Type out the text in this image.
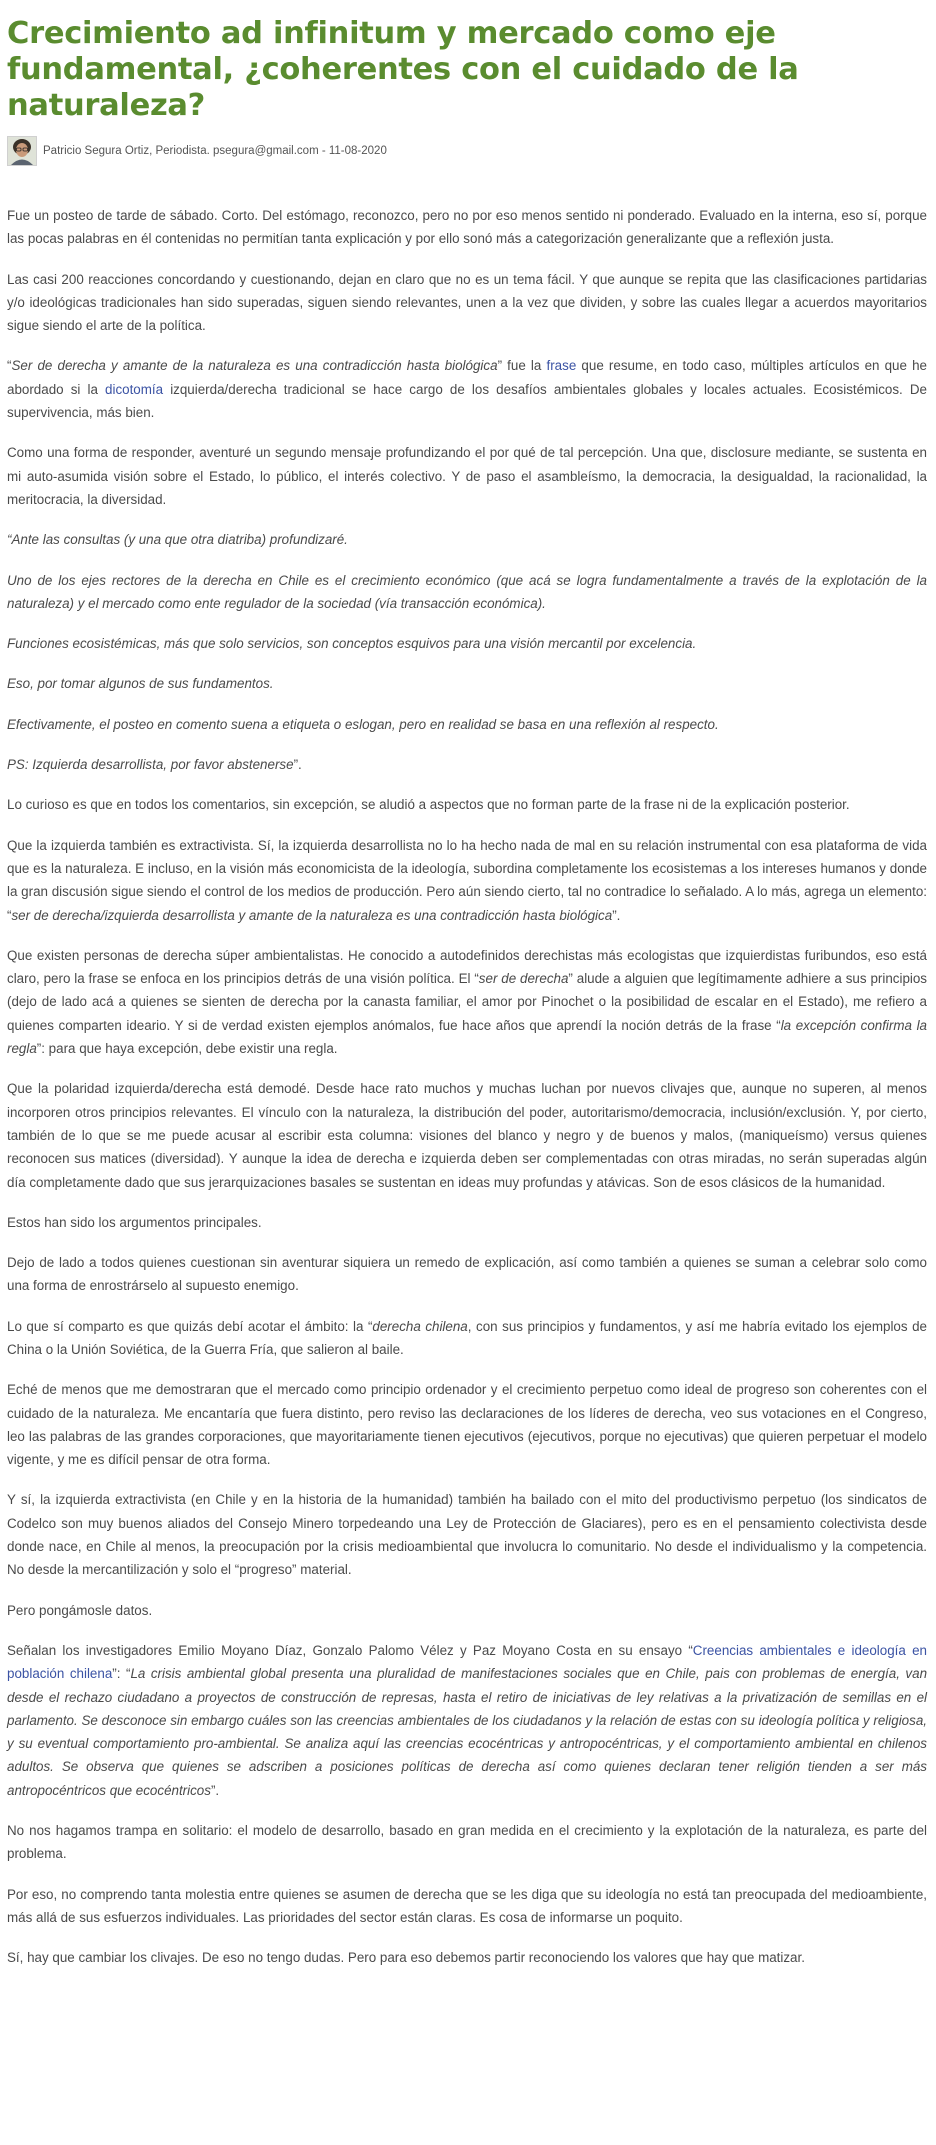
Crecimiento ad infinitum y mercado como eje fundamental, ¿coherentes con el cuidado de la naturaleza?
Patricio Segura Ortiz, Periodista. psegura@gmail.com - 11-08-2020

Fue un posteo de tarde de sábado. Corto. Del estómago, reconozco, pero no por eso menos sentido ni ponderado. Evaluado en la interna, eso sí, porque las pocas palabras en él contenidas no permitían tanta explicación y por ello sonó más a categorización generalizante que a reflexión justa.

Las casi 200 reacciones concordando y cuestionando, dejan en claro que no es un tema fácil. Y que aunque se repita que las clasificaciones partidarias y/o ideológicas tradicionales han sido superadas, siguen siendo relevantes, unen a la vez que dividen, y sobre las cuales llegar a acuerdos mayoritarios sigue siendo el arte de la política.

“Ser de derecha y amante de la naturaleza es una contradicción hasta biológica” fue la frase que resume, en todo caso, múltiples artículos en que he abordado si la dicotomía izquierda/derecha tradicional se hace cargo de los desafíos ambientales globales y locales actuales. Ecosistémicos. De supervivencia, más bien.

Como una forma de responder, aventuré un segundo mensaje profundizando el por qué de tal percepción. Una que, disclosure mediante, se sustenta en mi auto-asumida visión sobre el Estado, lo público, el interés colectivo. Y de paso el asambleísmo, la democracia, la desigualdad, la racionalidad, la meritocracia, la diversidad.

“Ante las consultas (y una que otra diatriba) profundizaré.

Uno de los ejes rectores de la derecha en Chile es el crecimiento económico (que acá se logra fundamentalmente a través de la explotación de la naturaleza) y el mercado como ente regulador de la sociedad (vía transacción económica).

Funciones ecosistémicas, más que solo servicios, son conceptos esquivos para una visión mercantil por excelencia.

Eso, por tomar algunos de sus fundamentos.

Efectivamente, el posteo en comento suena a etiqueta o eslogan, pero en realidad se basa en una reflexión al respecto.

PS: Izquierda desarrollista, por favor abstenerse”.

Lo curioso es que en todos los comentarios, sin excepción, se aludió a aspectos que no forman parte de la frase ni de la explicación posterior.

Que la izquierda también es extractivista. Sí, la izquierda desarrollista no lo ha hecho nada de mal en su relación instrumental con esa plataforma de vida que es la naturaleza. E incluso, en la visión más economicista de la ideología, subordina completamente los ecosistemas a los intereses humanos y donde la gran discusión sigue siendo el control de los medios de producción. Pero aún siendo cierto, tal no contradice lo señalado. A lo más, agrega un elemento: “ser de derecha/izquierda desarrollista y amante de la naturaleza es una contradicción hasta biológica”.

Que existen personas de derecha súper ambientalistas. He conocido a autodefinidos derechistas más ecologistas que izquierdistas furibundos, eso está claro, pero la frase se enfoca en los principios detrás de una visión política. El “ser de derecha” alude a alguien que legítimamente adhiere a sus principios (dejo de lado acá a quienes se sienten de derecha por la canasta familiar, el amor por Pinochet o la posibilidad de escalar en el Estado), me refiero a quienes comparten ideario. Y si de verdad existen ejemplos anómalos, fue hace años que aprendí la noción detrás de la frase “la excepción confirma la regla”: para que haya excepción, debe existir una regla.

Que la polaridad izquierda/derecha está demodé. Desde hace rato muchos y muchas luchan por nuevos clivajes que, aunque no superen, al menos incorporen otros principios relevantes. El vínculo con la naturaleza, la distribución del poder, autoritarismo/democracia, inclusión/exclusión. Y, por cierto, también de lo que se me puede acusar al escribir esta columna: visiones del blanco y negro y de buenos y malos, (maniqueísmo) versus quienes reconocen sus matices (diversidad). Y aunque la idea de derecha e izquierda deben ser complementadas con otras miradas, no serán superadas algún día completamente dado que sus jerarquizaciones basales se sustentan en ideas muy profundas y atávicas. Son de esos clásicos de la humanidad.

Estos han sido los argumentos principales.

Dejo de lado a todos quienes cuestionan sin aventurar siquiera un remedo de explicación, así como también a quienes se suman a celebrar solo como una forma de enrostrárselo al supuesto enemigo.

Lo que sí comparto es que quizás debí acotar el ámbito: la “derecha chilena, con sus principios y fundamentos, y así me habría evitado los ejemplos de China o la Unión Soviética, de la Guerra Fría, que salieron al baile.

Eché de menos que me demostraran que el mercado como principio ordenador y el crecimiento perpetuo como ideal de progreso son coherentes con el cuidado de la naturaleza. Me encantaría que fuera distinto, pero reviso las declaraciones de los líderes de derecha, veo sus votaciones en el Congreso, leo las palabras de las grandes corporaciones, que mayoritariamente tienen ejecutivos (ejecutivos, porque no ejecutivas) que quieren perpetuar el modelo vigente, y me es difícil pensar de otra forma.

Y sí, la izquierda extractivista (en Chile y en la historia de la humanidad) también ha bailado con el mito del productivismo perpetuo (los sindicatos de Codelco son muy buenos aliados del Consejo Minero torpedeando una Ley de Protección de Glaciares), pero es en el pensamiento colectivista desde donde nace, en Chile al menos, la preocupación por la crisis medioambiental que involucra lo comunitario. No desde el individualismo y la competencia. No desde la mercantilización y solo el “progreso” material.

Pero pongámosle datos.

Señalan los investigadores Emilio Moyano Díaz, Gonzalo Palomo Vélez y Paz Moyano Costa en su ensayo “Creencias ambientales e ideología en población chilena”: “La crisis ambiental global presenta una pluralidad de manifestaciones sociales que en Chile, pais con problemas de energía, van desde el rechazo ciudadano a proyectos de construcción de represas, hasta el retiro de iniciativas de ley relativas a la privatización de semillas en el parlamento. Se desconoce sin embargo cuáles son las creencias ambientales de los ciudadanos y la relación de estas con su ideología política y religiosa, y su eventual comportamiento pro-ambiental. Se analiza aquí las creencias ecocéntricas y antropocéntricas, y el comportamiento ambiental en chilenos adultos. Se observa que quienes se adscriben a posiciones políticas de derecha así como quienes declaran tener religión tienden a ser más antropocéntricos que ecocéntricos”.

No nos hagamos trampa en solitario: el modelo de desarrollo, basado en gran medida en el crecimiento y la explotación de la naturaleza, es parte del problema.

Por eso, no comprendo tanta molestia entre quienes se asumen de derecha que se les diga que su ideología no está tan preocupada del medioambiente, más allá de sus esfuerzos individuales. Las prioridades del sector están claras. Es cosa de informarse un poquito.

Sí, hay que cambiar los clivajes. De eso no tengo dudas. Pero para eso debemos partir reconociendo los valores que hay que matizar.
